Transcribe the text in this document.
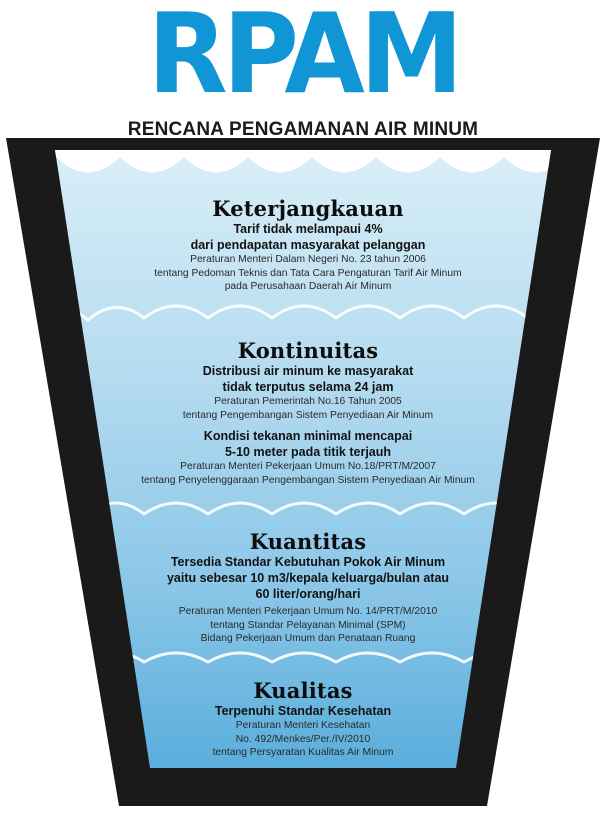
RPAM
RENCANA PENGAMANAN AIR MINUM
Keterjangkauan
Tarif tidak melampaui 4%
dari pendapatan masyarakat pelanggan
Peraturan Menteri Dalam Negeri No. 23 tahun 2006
tentang Pedoman Teknis dan Tata Cara Pengaturan Tarif Air Minum
pada Perusahaan Daerah Air Minum
Kontinuitas
Distribusi air minum ke masyarakat
tidak terputus selama 24 jam
Peraturan Pemerintah No.16 Tahun 2005
tentang Pengembangan Sistem Penyediaan Air Minum
Kondisi tekanan minimal mencapai
5-10 meter pada titik terjauh
Peraturan Menteri Pekerjaan Umum No.18/PRT/M/2007
tentang Penyelenggaraan Pengembangan Sistem Penyediaan Air Minum
Kuantitas
Tersedia Standar Kebutuhan Pokok Air Minum
yaitu sebesar 10 m3/kepala keluarga/bulan atau
60 liter/orang/hari
Peraturan Menteri Pekerjaan Umum No. 14/PRT/M/2010
tentang Standar Pelayanan Minimal (SPM)
Bidang Pekerjaan Umum dan Penataan Ruang
Kualitas
Terpenuhi Standar Kesehatan
Peraturan Menteri Kesehatan
No. 492/Menkes/Per./IV/2010
tentang Persyaratan Kualitas Air Minum
